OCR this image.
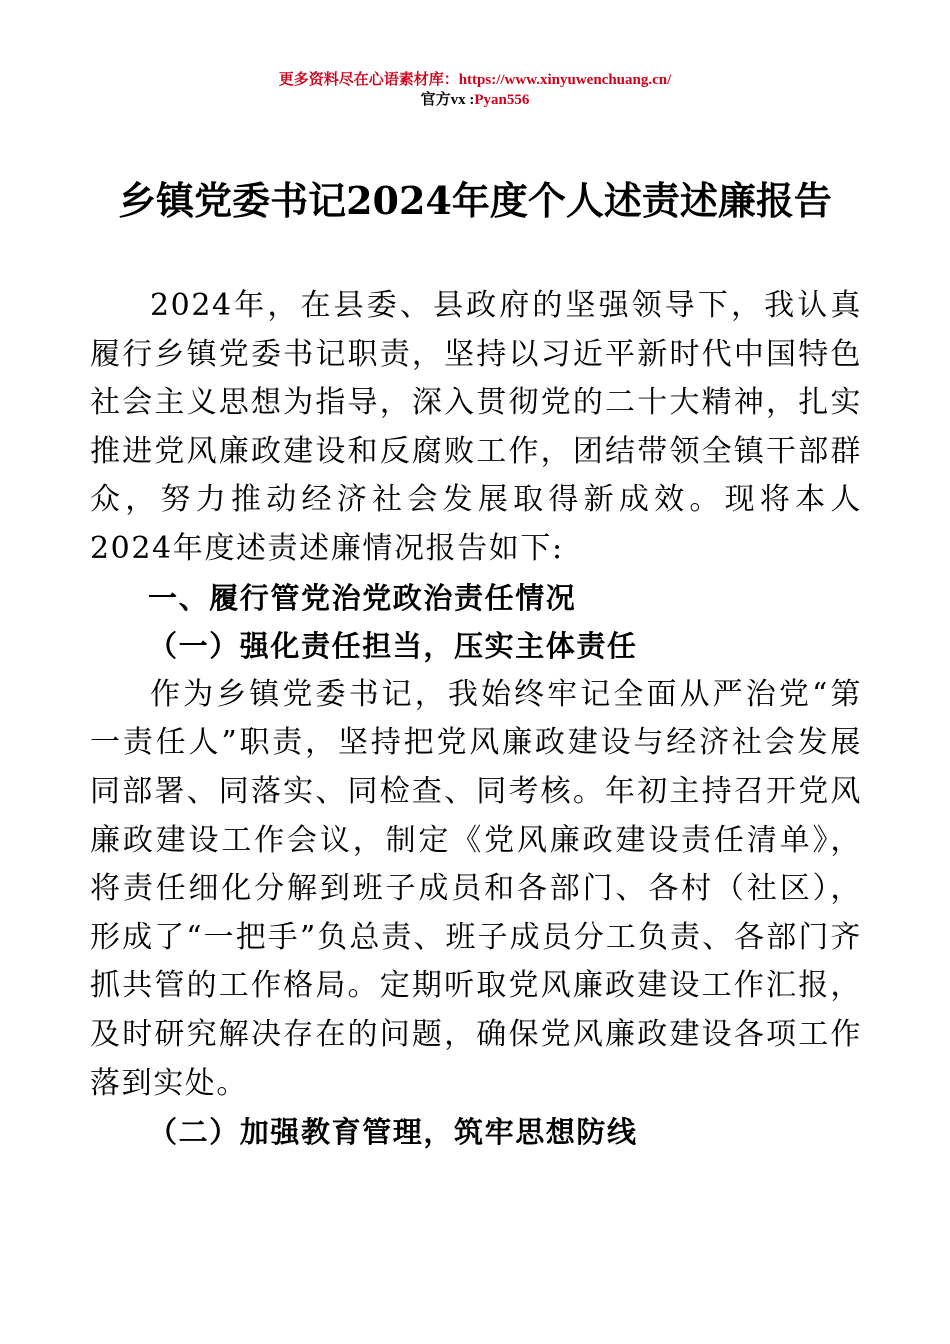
更多资料尽在心语素材库：https://www.xinyuwenchuang.cn/
官方vx :Pyan556
乡镇党委书记2024年度个人述责述廉报告

2024年，在县委、县政府的坚强领导下，我认真履行乡镇党委书记职责，坚持以习近平新时代中国特色社会主义思想为指导，深入贯彻党的二十大精神，扎实推进党风廉政建设和反腐败工作，团结带领全镇干部群众，努力推动经济社会发展取得新成效。现将本人2024年度述责述廉情况报告如下:

一、履行管党治党政治责任情况

（一）强化责任担当，压实主体责任

作为乡镇党委书记，我始终牢记全面从严治党“第一责任人”职责，坚持把党风廉政建设与经济社会发展同部署、同落实、同检查、同考核。年初主持召开党风廉政建设工作会议，制定《党风廉政建设责任清单》，将责任细化分解到班子成员和各部门、各村（社区），形成了“一把手”负总责、班子成员分工负责、各部门齐抓共管的工作格局。定期听取党风廉政建设工作汇报，及时研究解决存在的问题，确保党风廉政建设各项工作落到实处。

（二）加强教育管理，筑牢思想防线
